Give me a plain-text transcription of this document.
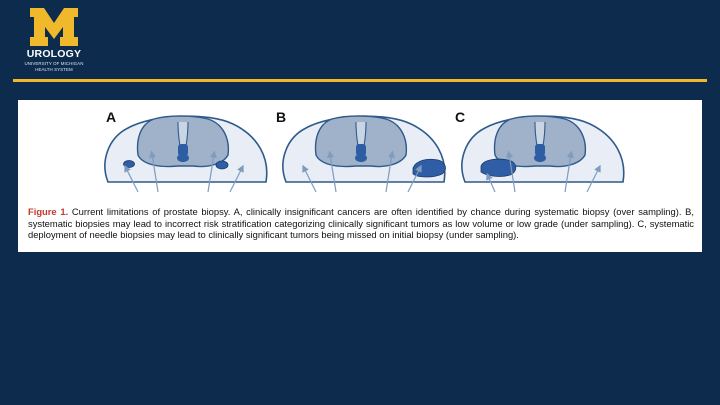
UROLOGY
UNIVERSITY OF MICHIGAN
HEALTH SYSTEM
A	B	C
Figure 1. Current limitations of prostate biopsy. A, clinically insignificant cancers are often identified by chance during systematic biopsy (over sampling). B, systematic biopsies may lead to incorrect risk stratification categorizing clinically significant tumors as low volume or low grade (under sampling). C, systematic deployment of needle biopsies may lead to clinically significant tumors being missed on initial biopsy (under sampling).
